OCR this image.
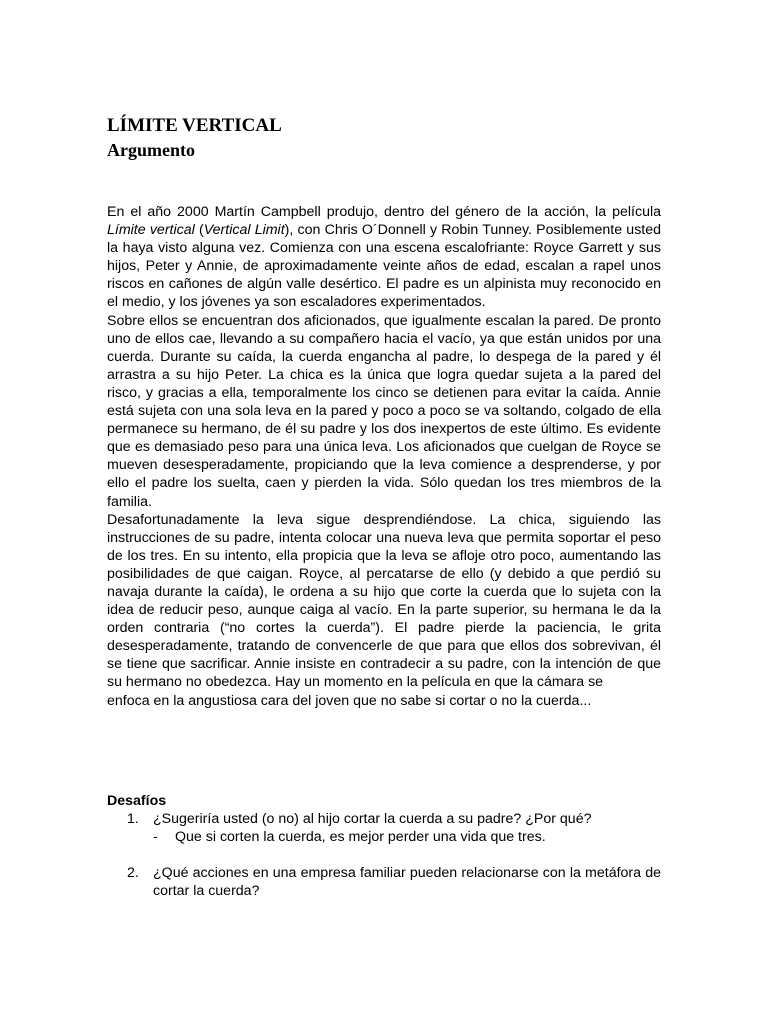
LÍMITE VERTICAL
Argumento

En el año 2000 Martín Campbell produjo, dentro del género de la acción, la película Límite vertical (Vertical Limit), con Chris O´Donnell y Robin Tunney. Posiblemente usted la haya visto alguna vez. Comienza con una escena escalofriante: Royce Garrett y sus hijos, Peter y Annie, de aproximadamente veinte años de edad, escalan a rapel unos riscos en cañones de algún valle desértico. El padre es un alpinista muy reconocido en el medio, y los jóvenes ya son escaladores experimentados.

Sobre ellos se encuentran dos aficionados, que igualmente escalan la pared. De pronto uno de ellos cae, llevando a su compañero hacia el vacío, ya que están unidos por una cuerda. Durante su caída, la cuerda engancha al padre, lo despega de la pared y él arrastra a su hijo Peter. La chica es la única que logra quedar sujeta a la pared del risco, y gracias a ella, temporalmente los cinco se detienen para evitar la caída. Annie está sujeta con una sola leva en la pared y poco a poco se va soltando, colgado de ella permanece su hermano, de él su padre y los dos inexpertos de este último. Es evidente que es demasiado peso para una única leva. Los aficionados que cuelgan de Royce se mueven desesperadamente, propiciando que la leva comience a desprenderse, y por ello el padre los suelta, caen y pierden la vida. Sólo quedan los tres miembros de la familia.

Desafortunadamente la leva sigue desprendiéndose. La chica, siguiendo las instrucciones de su padre, intenta colocar una nueva leva que permita soportar el peso de los tres. En su intento, ella propicia que la leva se afloje otro poco, aumentando las posibilidades de que caigan. Royce, al percatarse de ello (y debido a que perdió su navaja durante la caída), le ordena a su hijo que corte la cuerda que lo sujeta con la idea de reducir peso, aunque caiga al vacío. En la parte superior, su hermana le da la orden contraria (“no cortes la cuerda”). El padre pierde la paciencia, le grita desesperadamente, tratando de convencerle de que para que ellos dos sobrevivan, él se tiene que sacrificar. Annie insiste en contradecir a su padre, con la intención de que su hermano no obedezca. Hay un momento en la película en que la cámara se

enfoca en la angustiosa cara del joven que no sabe si cortar o no la cuerda...

Desafíos
1. ¿Sugeriría usted (o no) al hijo cortar la cuerda a su padre? ¿Por qué?
- Que si corten la cuerda, es mejor perder una vida que tres.
2. ¿Qué acciones en una empresa familiar pueden relacionarse con la metáfora de cortar la cuerda?
